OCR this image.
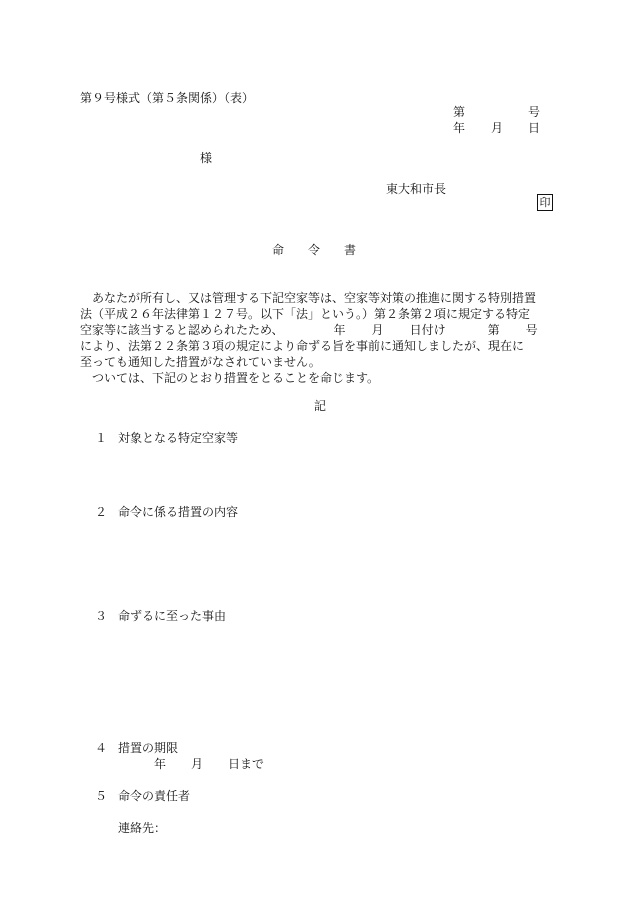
第９号様式（第５条関係）（表）
第	号
年 月 日
様
東大和市長
印
命　　令　　書
あなたが所有し、又は管理する下記空家等は、空家等対策の推進に関する特別措置
法（平成２６年法律第１２７号。以下「法」という。）第２条第２項に規定する特定
空家等に該当すると認められたため、	年 月 日付け	第 号
により、法第２２条第３項の規定により命ずる旨を事前に通知しましたが、現在に
至っても通知した措置がなされていません。
ついては、下記のとおり措置をとることを命じます。
記
１ 対象となる特定空家等
２ 命令に係る措置の内容
３ 命ずるに至った事由
４ 措置の期限
年 月 日まで
５ 命令の責任者
連絡先：
